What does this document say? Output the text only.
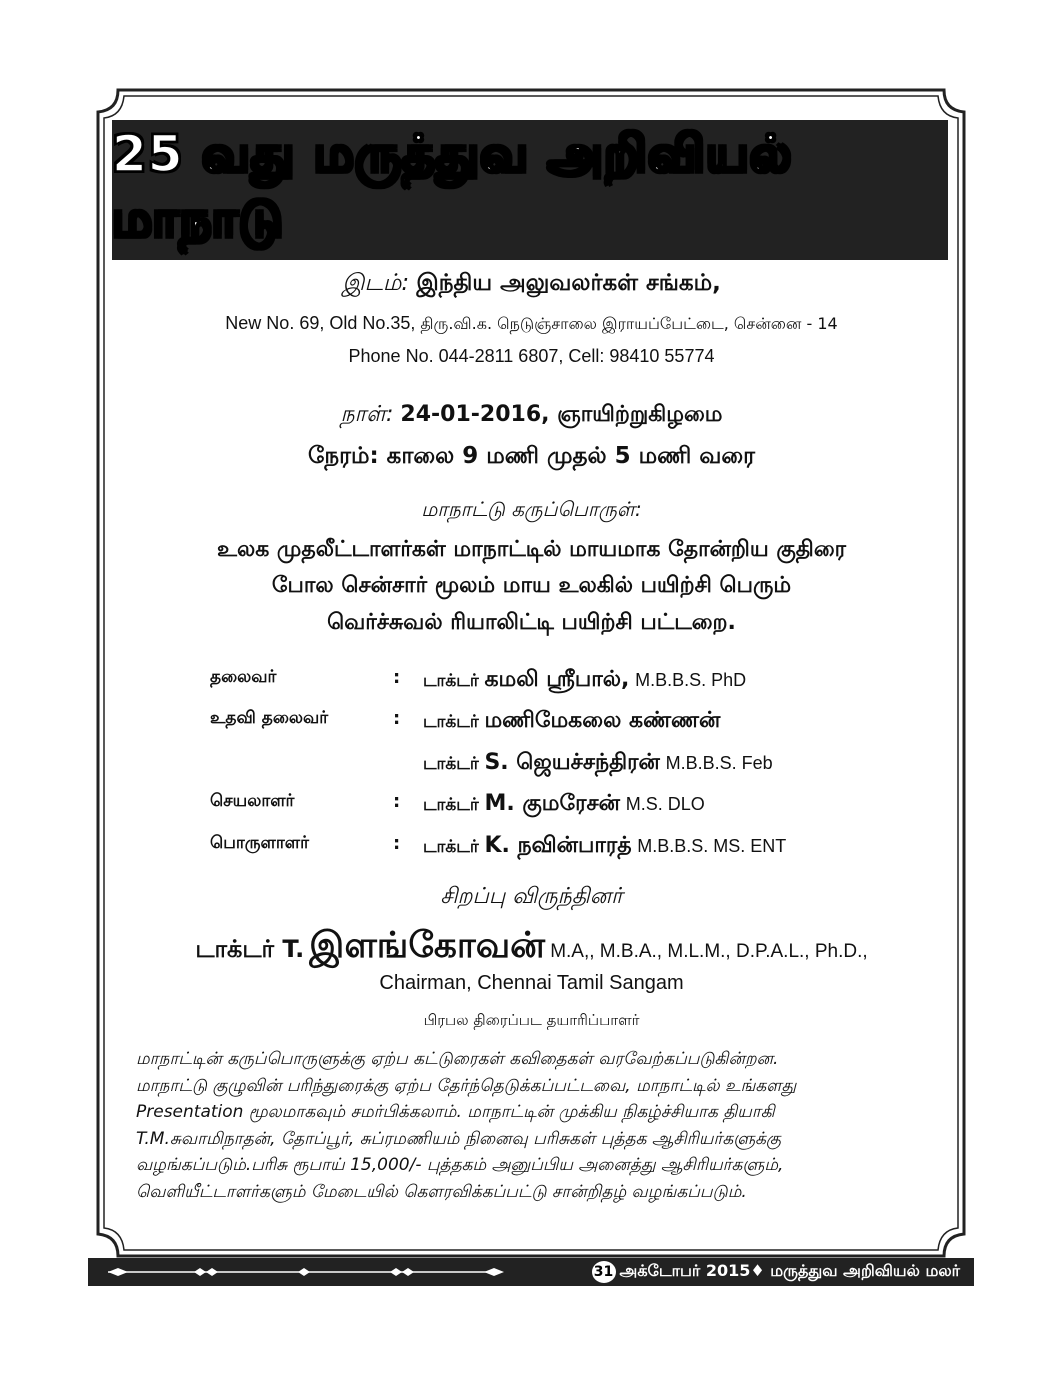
25 வது மருத்துவ அறிவியல் மாநாடு
இடம்: இந்திய அலுவலர்கள் சங்கம்,
New No. 69, Old No.35, திரு.வி.க. நெடுஞ்சாலை இராயப்பேட்டை, சென்னை - 14
Phone No. 044-2811 6807, Cell: 98410 55774
நாள்: 24-01-2016, ஞாயிற்றுகிழமை
நேரம்: காலை 9 மணி முதல் 5 மணி வரை
மாநாட்டு கருப்பொருள்:
உலக முதலீட்டாளர்கள் மாநாட்டில் மாயமாக தோன்றிய குதிரை
போல சென்சார் மூலம் மாய உலகில் பயிற்சி பெரும்
வெர்ச்சுவல் ரியாலிட்டி பயிற்சி பட்டறை.
தலைவர்	: டாக்டர் கமலி ஸ்ரீபால், M.B.B.S. PhD
உதவி தலைவர்	: டாக்டர் மணிமேகலை கண்ணன்
டாக்டர் S. ஜெயச்சந்திரன் M.B.B.S. Feb
செயலாளர்	: டாக்டர் M. குமரேசன் M.S. DLO
பொருளாளர்	: டாக்டர் K. நவின்பாரத் M.B.B.S. MS. ENT
சிறப்பு விருந்தினர்
டாக்டர் T. இளங்கோவன் M.A,, M.B.A., M.L.M., D.P.A.L., Ph.D.,
Chairman, Chennai Tamil Sangam
பிரபல திரைப்பட தயாரிப்பாளர்

மாநாட்டின் கருப்பொருளுக்கு ஏற்ப கட்டுரைகள் கவிதைகள் வரவேற்கப்படுகின்றன.

மாநாட்டு குழுவின் பரிந்துரைக்கு ஏற்ப தேர்ந்தெடுக்கப்பட்டவை, மாநாட்டில் உங்களது

Presentation மூலமாகவும் சமர்பிக்கலாம். மாநாட்டின் முக்கிய நிகழ்ச்சியாக தியாகி

T.M.சுவாமிநாதன், தோப்பூர், சுப்ரமணியம் நினைவு பரிசுகள் புத்தக ஆசிரியர்களுக்கு

வழங்கப்படும்.பரிசு ரூபாய் 15,000/- புத்தகம் அனுப்பிய அனைத்து ஆசிரியர்களும்,

வெளியீட்டாளர்களும் மேடையில் கௌரவிக்கப்பட்டு சான்றிதழ் வழங்கப்படும்.

31 அக்டோபர் 2015♦ மருத்துவ அறிவியல் மலர்
